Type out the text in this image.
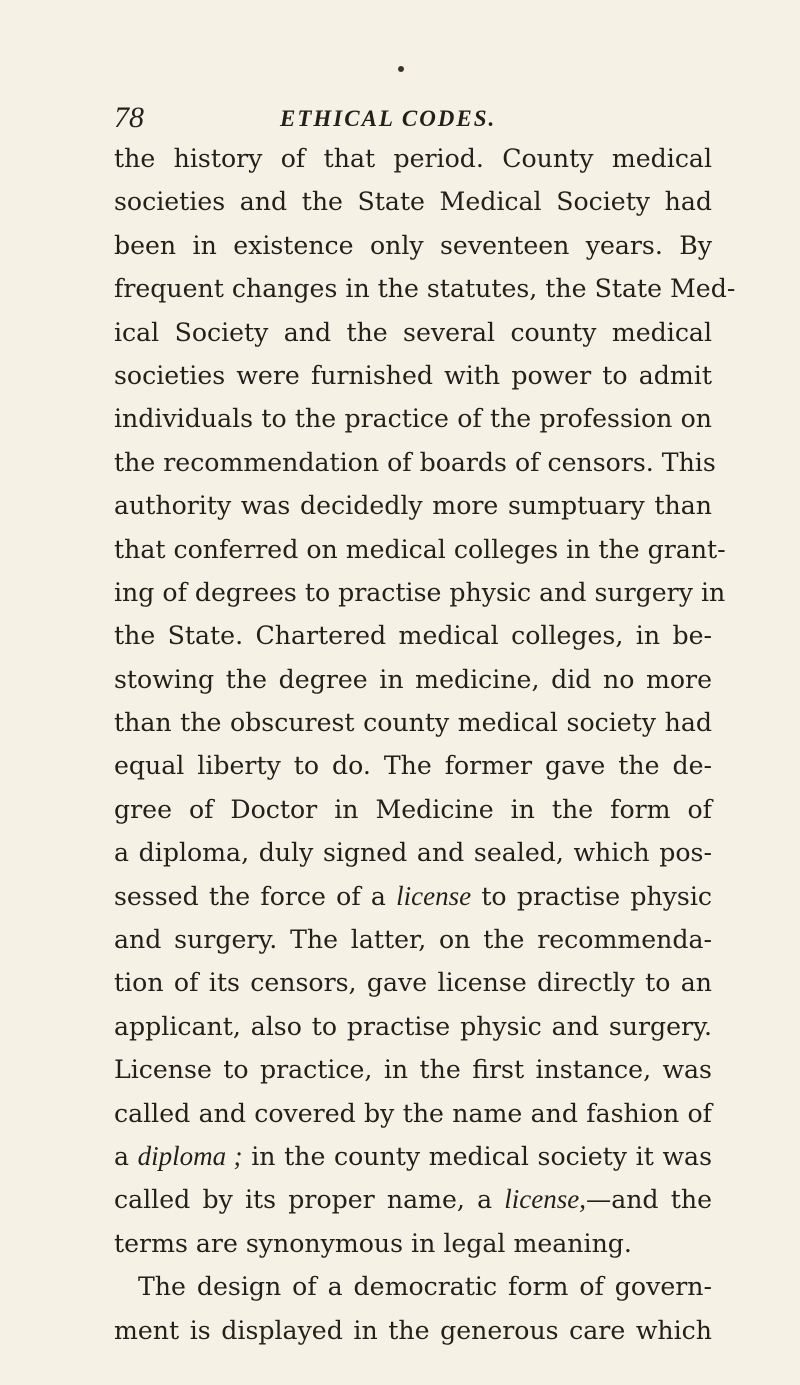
78	ETHICAL CODES.
the history of that period. County medical
societies and the State Medical Society had
been in existence only seventeen years. By
frequent changes in the statutes, the State Med-
ical Society and the several county medical
societies were furnished with power to admit
individuals to the practice of the profession on
the recommendation of boards of censors. This
authority was decidedly more sumptuary than
that conferred on medical colleges in the grant-
ing of degrees to practise physic and surgery in
the State. Chartered medical colleges, in be-
stowing the degree in medicine, did no more
than the obscurest county medical society had
equal liberty to do. The former gave the de-
gree of Doctor in Medicine in the form of
a diploma, duly signed and sealed, which pos-
sessed the force of a license to practise physic
and surgery. The latter, on the recommenda-
tion of its censors, gave license directly to an
applicant, also to practise physic and surgery.
License to practice, in the first instance, was
called and covered by the name and fashion of
a diploma ; in the county medical society it was
called by its proper name, a license,—and the
terms are synonymous in legal meaning.
The design of a democratic form of govern-
ment is displayed in the generous care which
